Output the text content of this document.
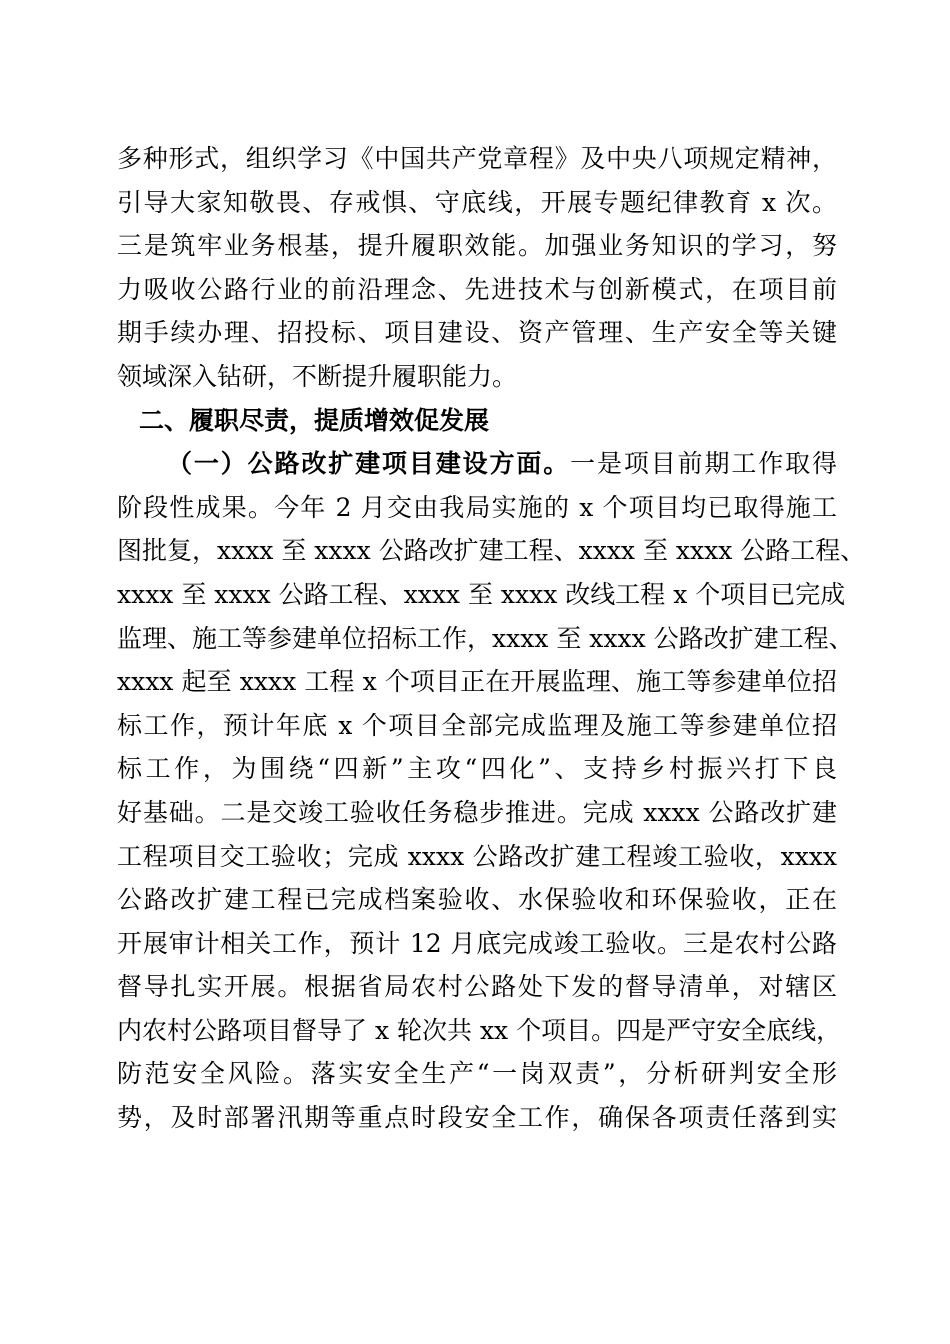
多种形式，组织学习《中国共产党章程》及中央八项规定精神，
引导大家知敬畏、存戒惧、守底线，开展专题纪律教育 x 次。
三是筑牢业务根基，提升履职效能。加强业务知识的学习，努
力吸收公路行业的前沿理念、先进技术与创新模式，在项目前
期手续办理、招投标、项目建设、资产管理、生产安全等关键
领域深入钻研，不断提升履职能力。
二、履职尽责，提质增效促发展
（一）公路改扩建项目建设方面。一是项目前期工作取得
阶段性成果。今年 2 月交由我局实施的 x 个项目均已取得施工
图批复，xxxx 至 xxxx 公路改扩建工程、xxxx 至 xxxx 公路工程、
xxxx 至 xxxx 公路工程、xxxx 至 xxxx 改线工程 x 个项目已完成
监理、施工等参建单位招标工作，xxxx 至 xxxx 公路改扩建工程、
xxxx 起至 xxxx 工程 x 个项目正在开展监理、施工等参建单位招
标工作，预计年底 x 个项目全部完成监理及施工等参建单位招
标工作，为围绕“四新”主攻“四化”、支持乡村振兴打下良
好基础。二是交竣工验收任务稳步推进。完成 xxxx 公路改扩建
工程项目交工验收；完成 xxxx 公路改扩建工程竣工验收，xxxx
公路改扩建工程已完成档案验收、水保验收和环保验收，正在
开展审计相关工作，预计 12 月底完成竣工验收。三是农村公路
督导扎实开展。根据省局农村公路处下发的督导清单，对辖区
内农村公路项目督导了 x 轮次共 xx 个项目。四是严守安全底线，
防范安全风险。落实安全生产“一岗双责”，分析研判安全形
势，及时部署汛期等重点时段安全工作，确保各项责任落到实
